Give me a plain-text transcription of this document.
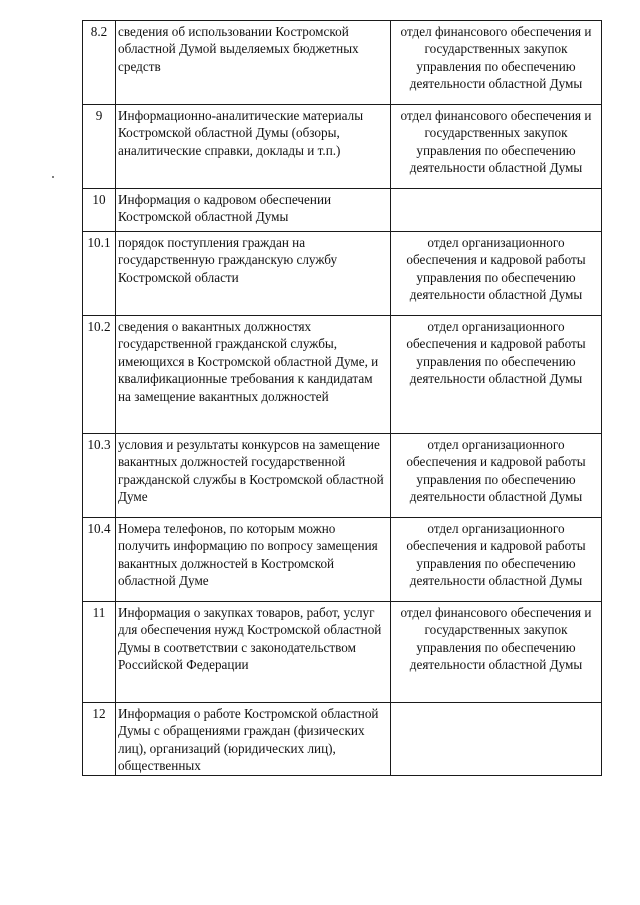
8.2	сведения об использовании Костромской областной Думой выделяемых бюджетных средств	отдел финансового обеспечения и государственных закупок управления по обеспечению деятельности областной Думы
9	Информационно-аналитические материалы Костромской областной Думы (обзоры, аналитические справки, доклады и т.п.)	отдел финансового обеспечения и государственных закупок управления по обеспечению деятельности областной Думы
10	Информация о кадровом обеспечении Костромской областной Думы	
10.1	порядок поступления граждан на государственную гражданскую службу Костромской области	отдел организационного обеспечения и кадровой работы управления по обеспечению деятельности областной Думы
10.2	сведения о вакантных должностях государственной гражданской службы, имеющихся в Костромской областной Думе, и квалификационные требования к кандидатам на замещение вакантных должностей	отдел организационного обеспечения и кадровой работы управления по обеспечению деятельности областной Думы
10.3	условия и результаты конкурсов на замещение вакантных должностей государственной гражданской службы в Костромской областной Думе	отдел организационного обеспечения и кадровой работы управления по обеспечению деятельности областной Думы
10.4	Номера телефонов, по которым можно получить информацию по вопросу замещения вакантных должностей в Костромской областной Думе	отдел организационного обеспечения и кадровой работы управления по обеспечению деятельности областной Думы
11	Информация о закупках товаров, работ, услуг для обеспечения нужд Костромской областной Думы в соответствии с законодательством Российской Федерации	отдел финансового обеспечения и государственных закупок управления по обеспечению деятельности областной Думы
12	Информация о работе Костромской областной Думы с обращениями граждан (физических лиц), организаций (юридических лиц), общественных	
